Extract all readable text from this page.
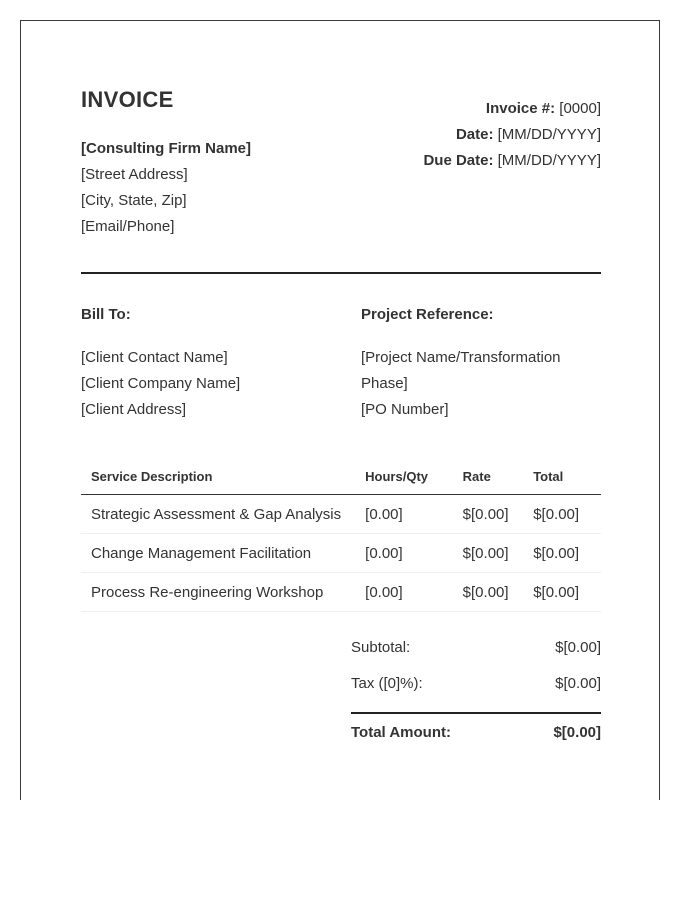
INVOICE
[Consulting Firm Name]
[Street Address]
[City, State, Zip]
[Email/Phone]
Invoice #: [0000]
Date: [MM/DD/YYYY]
Due Date: [MM/DD/YYYY]
Bill To:
[Client Contact Name]
[Client Company Name]
[Client Address]
Project Reference:
[Project Name/Transformation
Phase]
[PO Number]
Service Description	Hours/Qty	Rate	Total
Strategic Assessment & Gap Analysis	[0.00]	$[0.00]	$[0.00]
Change Management Facilitation	[0.00]	$[0.00]	$[0.00]
Process Re-engineering Workshop	[0.00]	$[0.00]	$[0.00]
Subtotal:	$[0.00]
Tax ([0]%):	$[0.00]
Total Amount:	$[0.00]
